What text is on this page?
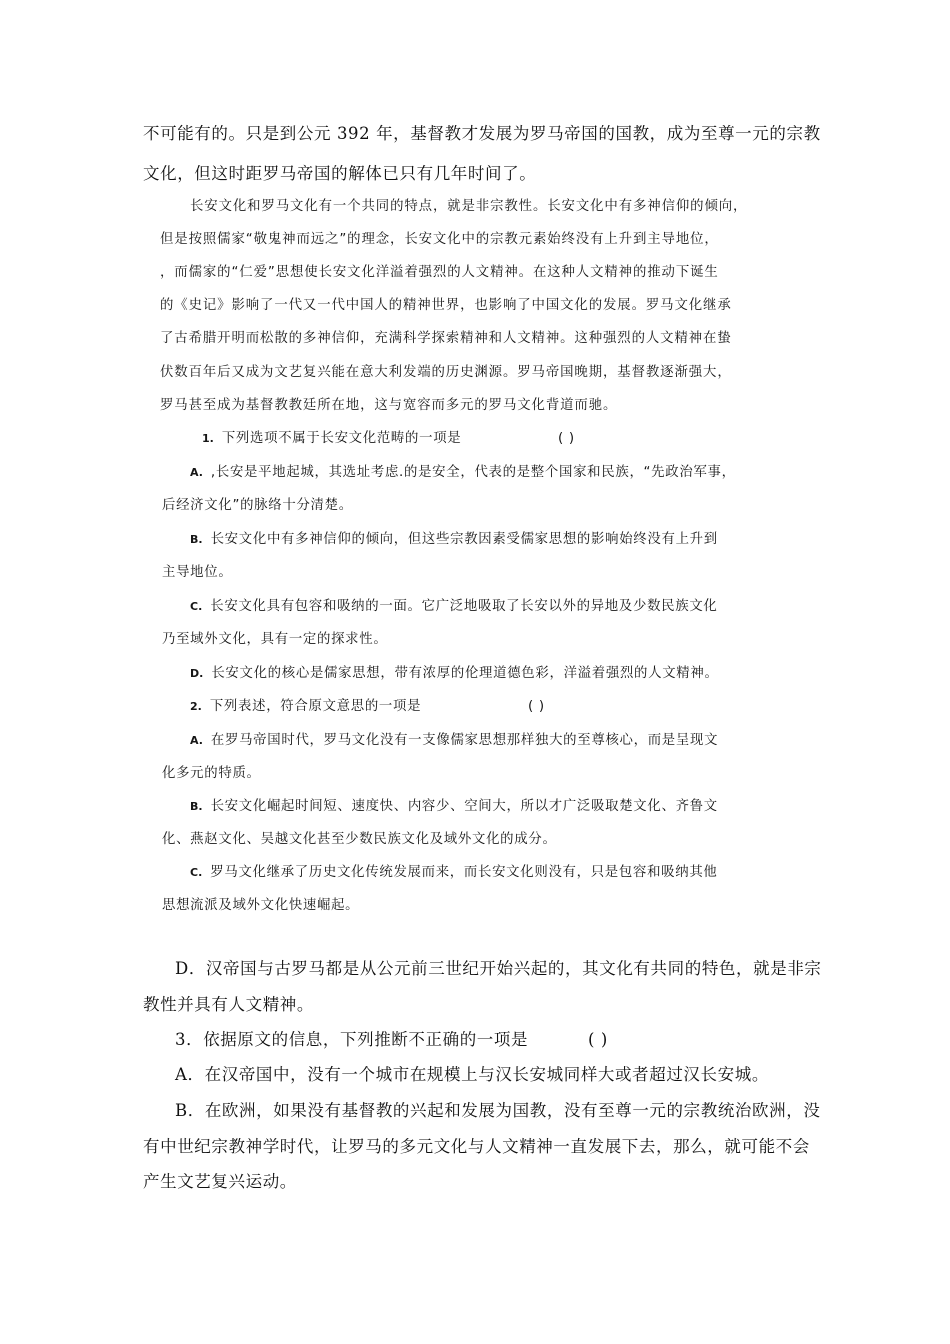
不可能有的。只是到公元 392 年，基督教才发展为罗马帝国的国教，成为至尊一元的宗教
文化，但这时距罗马帝国的解体已只有几年时间了。
长安文化和罗马文化有一个共同的特点，就是非宗教性。长安文化中有多神信仰的倾向，
但是按照儒家“敬鬼神而远之”的理念，长安文化中的宗教元素始终没有上升到主导地位，
，而儒家的“仁爱”思想使长安文化洋溢着强烈的人文精神。在这种人文精神的推动下诞生
的《史记》影响了一代又一代中国人的精神世界，也影响了中国文化的发展。罗马文化继承
了古希腊开明而松散的多神信仰，充满科学探索精神和人文精神。这种强烈的人文精神在蛰
伏数百年后又成为文艺复兴能在意大利发端的历史渊源。罗马帝国晚期，基督教逐渐强大，
罗马甚至成为基督教教廷所在地，这与宽容而多元的罗马文化背道而驰。
1. 下列选项不属于长安文化范畴的一项是	( )
A. ,长安是平地起城，其选址考虑.的是安全，代表的是整个国家和民族，“先政治军事，
后经济文化”的脉络十分清楚。
B. 长安文化中有多神信仰的倾向，但这些宗教因素受儒家思想的影响始终没有上升到
主导地位。
C. 长安文化具有包容和吸纳的一面。它广泛地吸取了长安以外的异地及少数民族文化
乃至域外文化，具有一定的探求性。
D. 长安文化的核心是儒家思想，带有浓厚的伦理道德色彩，洋溢着强烈的人文精神。
2. 下列表述，符合原文意思的一项是	( )
A. 在罗马帝国时代，罗马文化没有一支像儒家思想那样独大的至尊核心，而是呈现文
化多元的特质。
B. 长安文化崛起时间短、速度快、内容少、空间大，所以才广泛吸取楚文化、齐鲁文
化、燕赵文化、吴越文化甚至少数民族文化及域外文化的成分。
C. 罗马文化继承了历史文化传统发展而来，而长安文化则没有，只是包容和吸纳其他
思想流派及域外文化快速崛起。
D．汉帝国与古罗马都是从公元前三世纪开始兴起的，其文化有共同的特色，就是非宗
教性并具有人文精神。
3．依据原文的信息，下列推断不正确的一项是	( )
A．在汉帝国中，没有一个城市在规模上与汉长安城同样大或者超过汉长安城。
B．在欧洲，如果没有基督教的兴起和发展为国教，没有至尊一元的宗教统治欧洲，没
有中世纪宗教神学时代，让罗马的多元文化与人文精神一直发展下去，那么，就可能不会
产生文艺复兴运动。
